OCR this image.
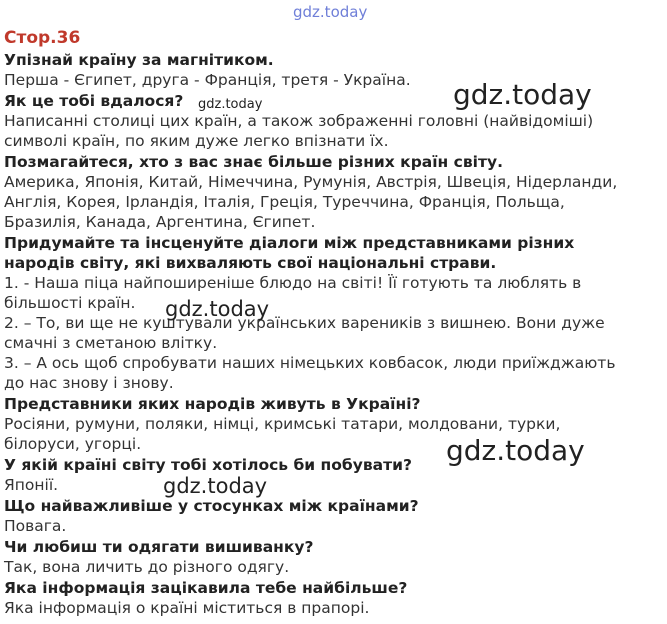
gdz.today
Стор.36
Упізнай країну за магнітиком.
Перша - Єгипет, друга - Франція, третя - Україна.
Як це тобі вдалося?
Написанні столиці цих країн, а також зображенні головні (найвідоміші)
символі країн, по яким дуже легко впізнати їх.
Позмагайтеся, хто з вас знає більше різних країн світу.
Америка, Японія, Китай, Німеччина, Румунія, Австрія, Швеція, Нідерланди,
Англія, Корея, Ірландія, Італія, Греція, Туреччина, Франція, Польща,
Бразилія, Канада, Аргентина, Єгипет.
Придумайте та інсценуйте діалоги між представниками різних
народів світу, які вихваляють свої національні страви.
1. - Наша піца найпоширеніше блюдо на світі! Її готують та люблять в
більшості країн.
2. – То, ви ще не куштували українських вареників з вишнею. Вони дуже
смачні з сметаною влітку.
3. – А ось щоб спробувати наших німецьких ковбасок, люди приїжджають
до нас знову і знову.
Представники яких народів живуть в Україні?
Росіяни, румуни, поляки, німці, кримські татари, молдовани, турки,
білоруси, угорці.
У якій країні світу тобі хотілось би побувати?
Японії.
Що найважливіше у стосунках між країнами?
Повага.
Чи любиш ти одягати вишиванку?
Так, вона личить до різного одягу.
Яка інформація зацікавила тебе найбільше?
Яка інформація о країні міститься в прапорі.
gdz.today	gdz.today
gdz.today
gdz.today
gdz.today
